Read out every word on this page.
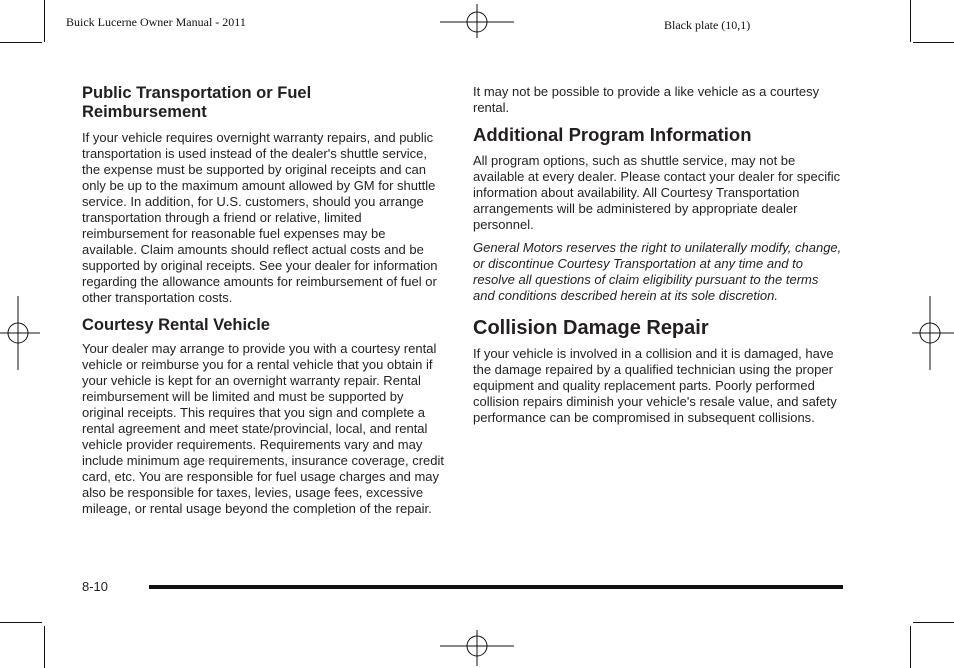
Buick Lucerne Owner Manual - 2011	Black plate (10,1)
Public Transportation or Fuel
Reimbursement

If your vehicle requires overnight warranty repairs, and public transportation is used instead of the dealer's shuttle service, the expense must be supported by original receipts and can only be up to the maximum amount allowed by GM for shuttle service. In addition, for U.S. customers, should you arrange transportation through a friend or relative, limited reimbursement for reasonable fuel expenses may be available. Claim amounts should reflect actual costs and be supported by original receipts. See your dealer for information regarding the allowance amounts for reimbursement of fuel or other transportation costs.

Courtesy Rental Vehicle

Your dealer may arrange to provide you with a courtesy rental vehicle or reimburse you for a rental vehicle that you obtain if your vehicle is kept for an overnight warranty repair. Rental reimbursement will be limited and must be supported by original receipts. This requires that you sign and complete a rental agreement and meet state/provincial, local, and rental vehicle provider requirements. Requirements vary and may include minimum age requirements, insurance coverage, credit card, etc. You are responsible for fuel usage charges and may also be responsible for taxes, levies, usage fees, excessive mileage, or rental usage beyond the completion of the repair.

It may not be possible to provide a like vehicle as a courtesy rental.

Additional Program Information

All program options, such as shuttle service, may not be available at every dealer. Please contact your dealer for specific information about availability. All Courtesy Transportation arrangements will be administered by appropriate dealer personnel.

General Motors reserves the right to unilaterally modify, change, or discontinue Courtesy Transportation at any time and to resolve all questions of claim eligibility pursuant to the terms and conditions described herein at its sole discretion.

Collision Damage Repair

If your vehicle is involved in a collision and it is damaged, have the damage repaired by a qualified technician using the proper equipment and quality replacement parts. Poorly performed collision repairs diminish your vehicle's resale value, and safety performance can be compromised in subsequent collisions.

8-10
